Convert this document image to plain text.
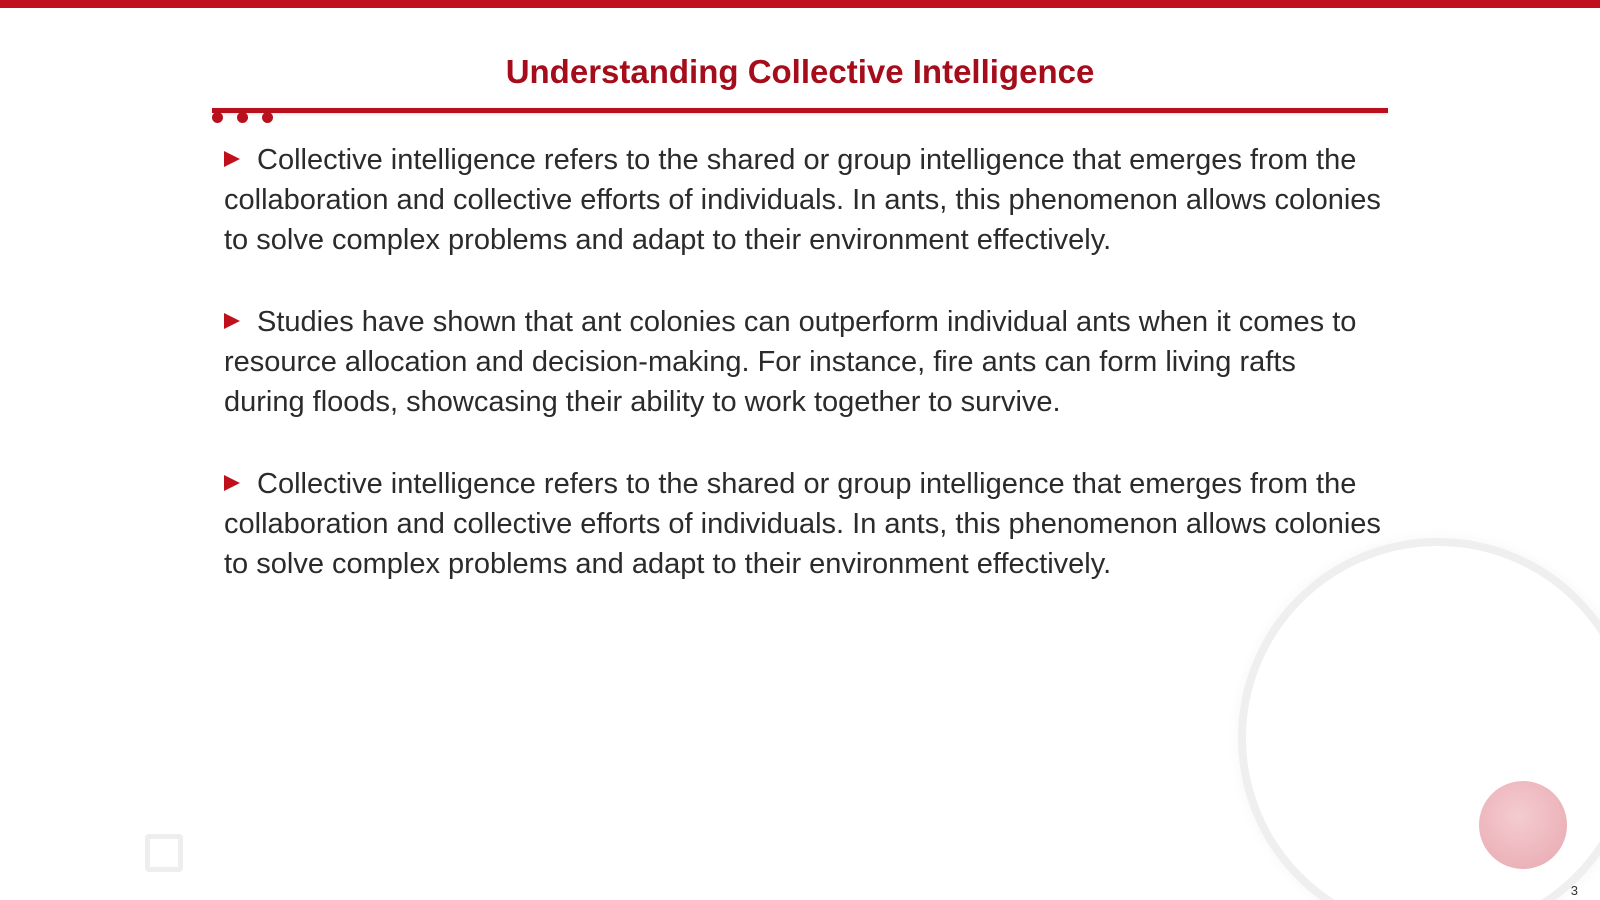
Understanding Collective Intelligence

Collective intelligence refers to the shared or group intelligence that emerges from the collaboration and collective efforts of individuals. In ants, this phenomenon allows colonies to solve complex problems and adapt to their environment effectively.

Studies have shown that ant colonies can outperform individual ants when it comes to resource allocation and decision-making. For instance, fire ants can form living rafts during floods, showcasing their ability to work together to survive.

Collective intelligence refers to the shared or group intelligence that emerges from the collaboration and collective efforts of individuals. In ants, this phenomenon allows colonies to solve complex problems and adapt to their environment effectively.

3
